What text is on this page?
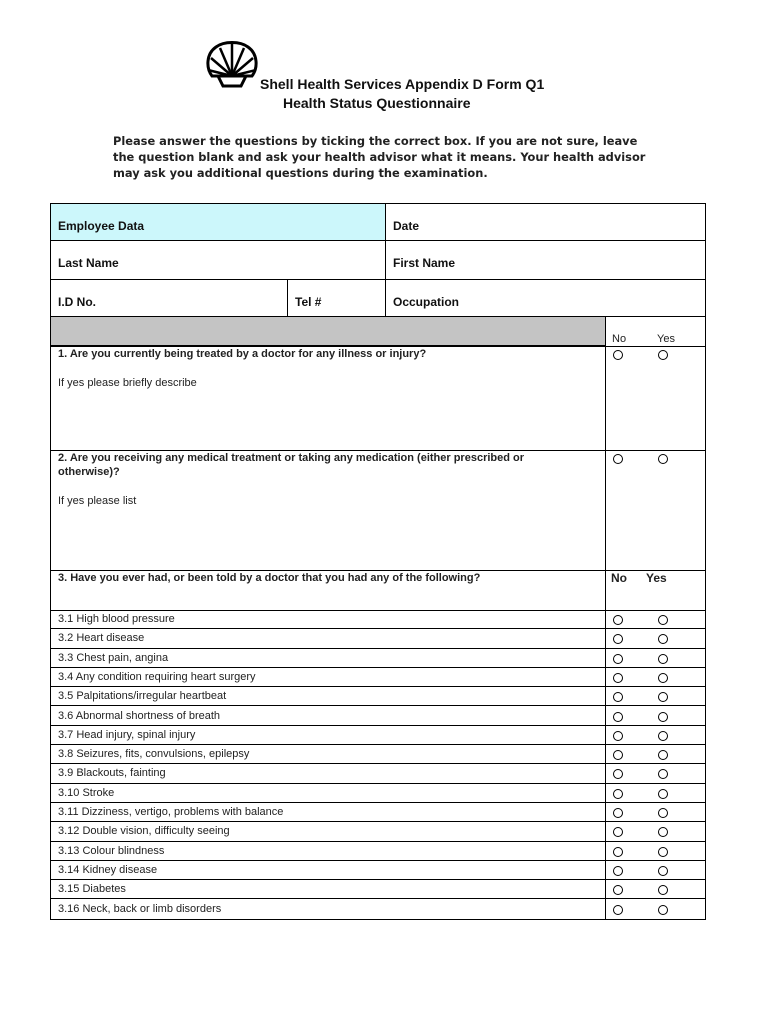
Shell Health Services Appendix D Form Q1
Health Status Questionnaire
Please answer the questions by ticking the correct box. If you are not sure, leave the question blank and ask your health advisor what it means. Your health advisor may ask you additional questions during the examination.
Employee Data	Date
Last Name	First Name
I.D No.	Tel #	Occupation
No	Yes
1. Are you currently being treated by a doctor for any illness or injury?
If yes please briefly describe
2. Are you receiving any medical treatment or taking any medication (either prescribed or
otherwise)?
If yes please list
3. Have you ever had, or been told by a doctor that you had any of the following?	No Yes
3.1 High blood pressure
3.2 Heart disease
3.3 Chest pain, angina
3.4 Any condition requiring heart surgery
3.5 Palpitations/irregular heartbeat
3.6 Abnormal shortness of breath
3.7 Head injury, spinal injury
3.8 Seizures, fits, convulsions, epilepsy
3.9 Blackouts, fainting
3.10 Stroke
3.11 Dizziness, vertigo, problems with balance
3.12 Double vision, difficulty seeing
3.13 Colour blindness
3.14 Kidney disease
3.15 Diabetes
3.16 Neck, back or limb disorders
